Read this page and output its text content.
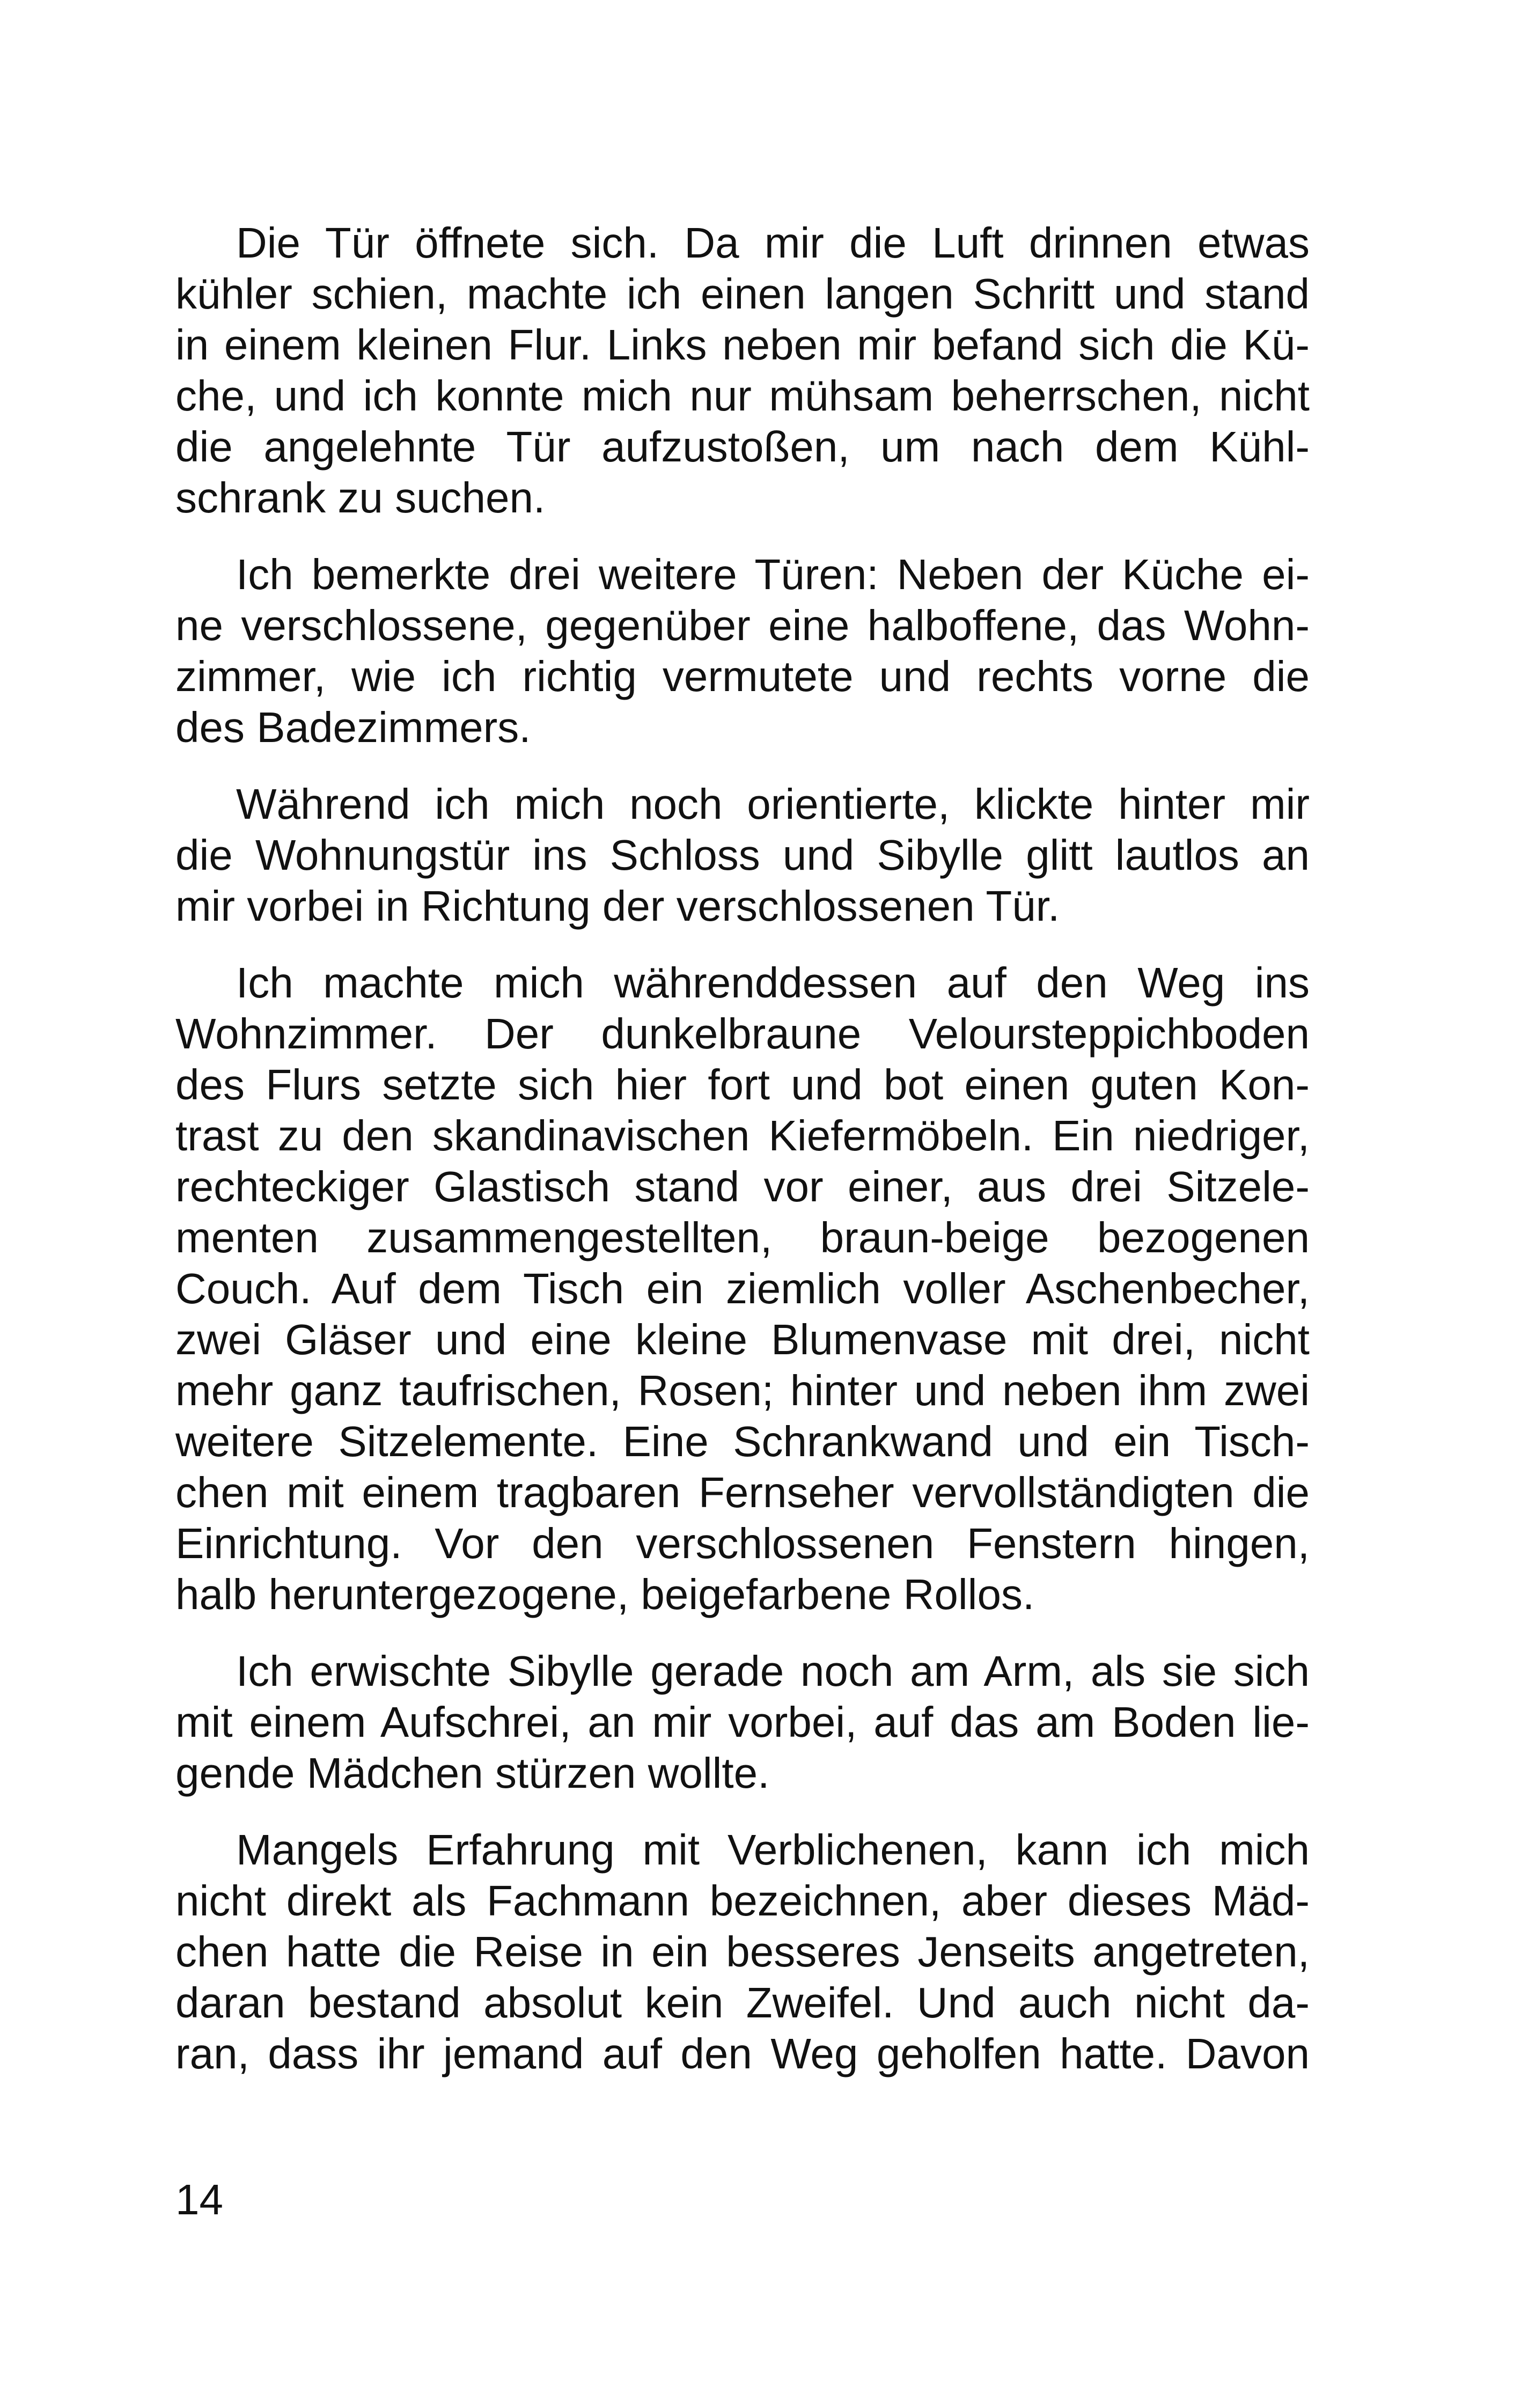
Die Tür öffnete sich. Da mir die Luft drinnen etwas
kühler schien, machte ich einen langen Schritt und stand
in einem kleinen Flur. Links neben mir befand sich die Kü-
che, und ich konnte mich nur mühsam beherrschen, nicht
die angelehnte Tür aufzustoßen, um nach dem Kühl-
schrank zu suchen.

Ich bemerkte drei weitere Türen: Neben der Küche ei-
ne verschlossene, gegenüber eine halboffene, das Wohn-
zimmer, wie ich richtig vermutete und rechts vorne die
des Badezimmers.

Während ich mich noch orientierte, klickte hinter mir
die Wohnungstür ins Schloss und Sibylle glitt lautlos an
mir vorbei in Richtung der verschlossenen Tür.

Ich machte mich währenddessen auf den Weg ins
Wohnzimmer. Der dunkelbraune Veloursteppichboden
des Flurs setzte sich hier fort und bot einen guten Kon-
trast zu den skandinavischen Kiefermöbeln. Ein niedriger,
rechteckiger Glastisch stand vor einer, aus drei Sitzele-
menten zusammengestellten, braun-beige bezogenen
Couch. Auf dem Tisch ein ziemlich voller Aschenbecher,
zwei Gläser und eine kleine Blumenvase mit drei, nicht
mehr ganz taufrischen, Rosen; hinter und neben ihm zwei
weitere Sitzelemente. Eine Schrankwand und ein Tisch-
chen mit einem tragbaren Fernseher vervollständigten die
Einrichtung. Vor den verschlossenen Fenstern hingen,
halb heruntergezogene, beigefarbene Rollos.

Ich erwischte Sibylle gerade noch am Arm, als sie sich
mit einem Aufschrei, an mir vorbei, auf das am Boden lie-
gende Mädchen stürzen wollte.

Mangels Erfahrung mit Verblichenen, kann ich mich
nicht direkt als Fachmann bezeichnen, aber dieses Mäd-
chen hatte die Reise in ein besseres Jenseits angetreten,
daran bestand absolut kein Zweifel. Und auch nicht da-
ran, dass ihr jemand auf den Weg geholfen hatte. Davon

14
